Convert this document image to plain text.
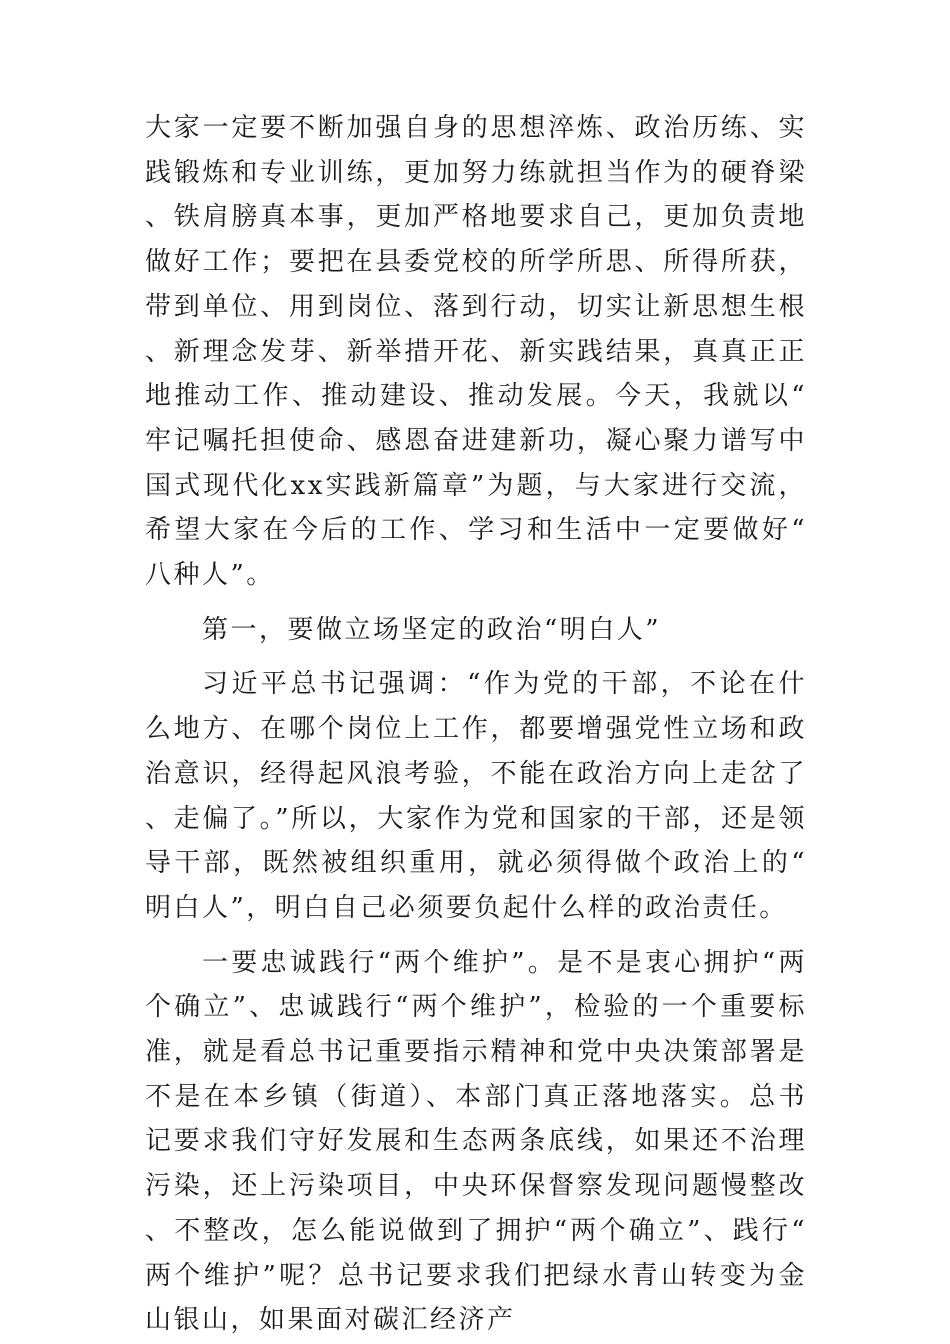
大家一定要不断加强自身的思想淬炼、政治历练、实践锻炼和专业训练，更加努力练就担当作为的硬脊梁、铁肩膀真本事，更加严格地要求自己，更加负责地做好工作；要把在县委党校的所学所思、所得所获，带到单位、用到岗位、落到行动，切实让新思想生根、新理念发芽、新举措开花、新实践结果，真真正正地推动工作、推动建设、推动发展。今天，我就以“牢记嘱托担使命、感恩奋进建新功，凝心聚力谱写中国式现代化xx实践新篇章”为题，与大家进行交流，希望大家在今后的工作、学习和生活中一定要做好“八种人”。

第一，要做立场坚定的政治“明白人”

习近平总书记强调：“作为党的干部，不论在什么地方、在哪个岗位上工作，都要增强党性立场和政治意识，经得起风浪考验，不能在政治方向上走岔了、走偏了。”所以，大家作为党和国家的干部，还是领导干部，既然被组织重用，就必须得做个政治上的“明白人”，明白自己必须要负起什么样的政治责任。

一要忠诚践行“两个维护”。是不是衷心拥护“两个确立”、忠诚践行“两个维护”，检验的一个重要标准，就是看总书记重要指示精神和党中央决策部署是不是在本乡镇（街道）、本部门真正落地落实。总书记要求我们守好发展和生态两条底线，如果还不治理污染，还上污染项目，中央环保督察发现问题慢整改、不整改，怎么能说做到了拥护“两个确立”、践行“两个维护”呢？总书记要求我们把绿水青山转变为金山银山，如果面对碳汇经济产
